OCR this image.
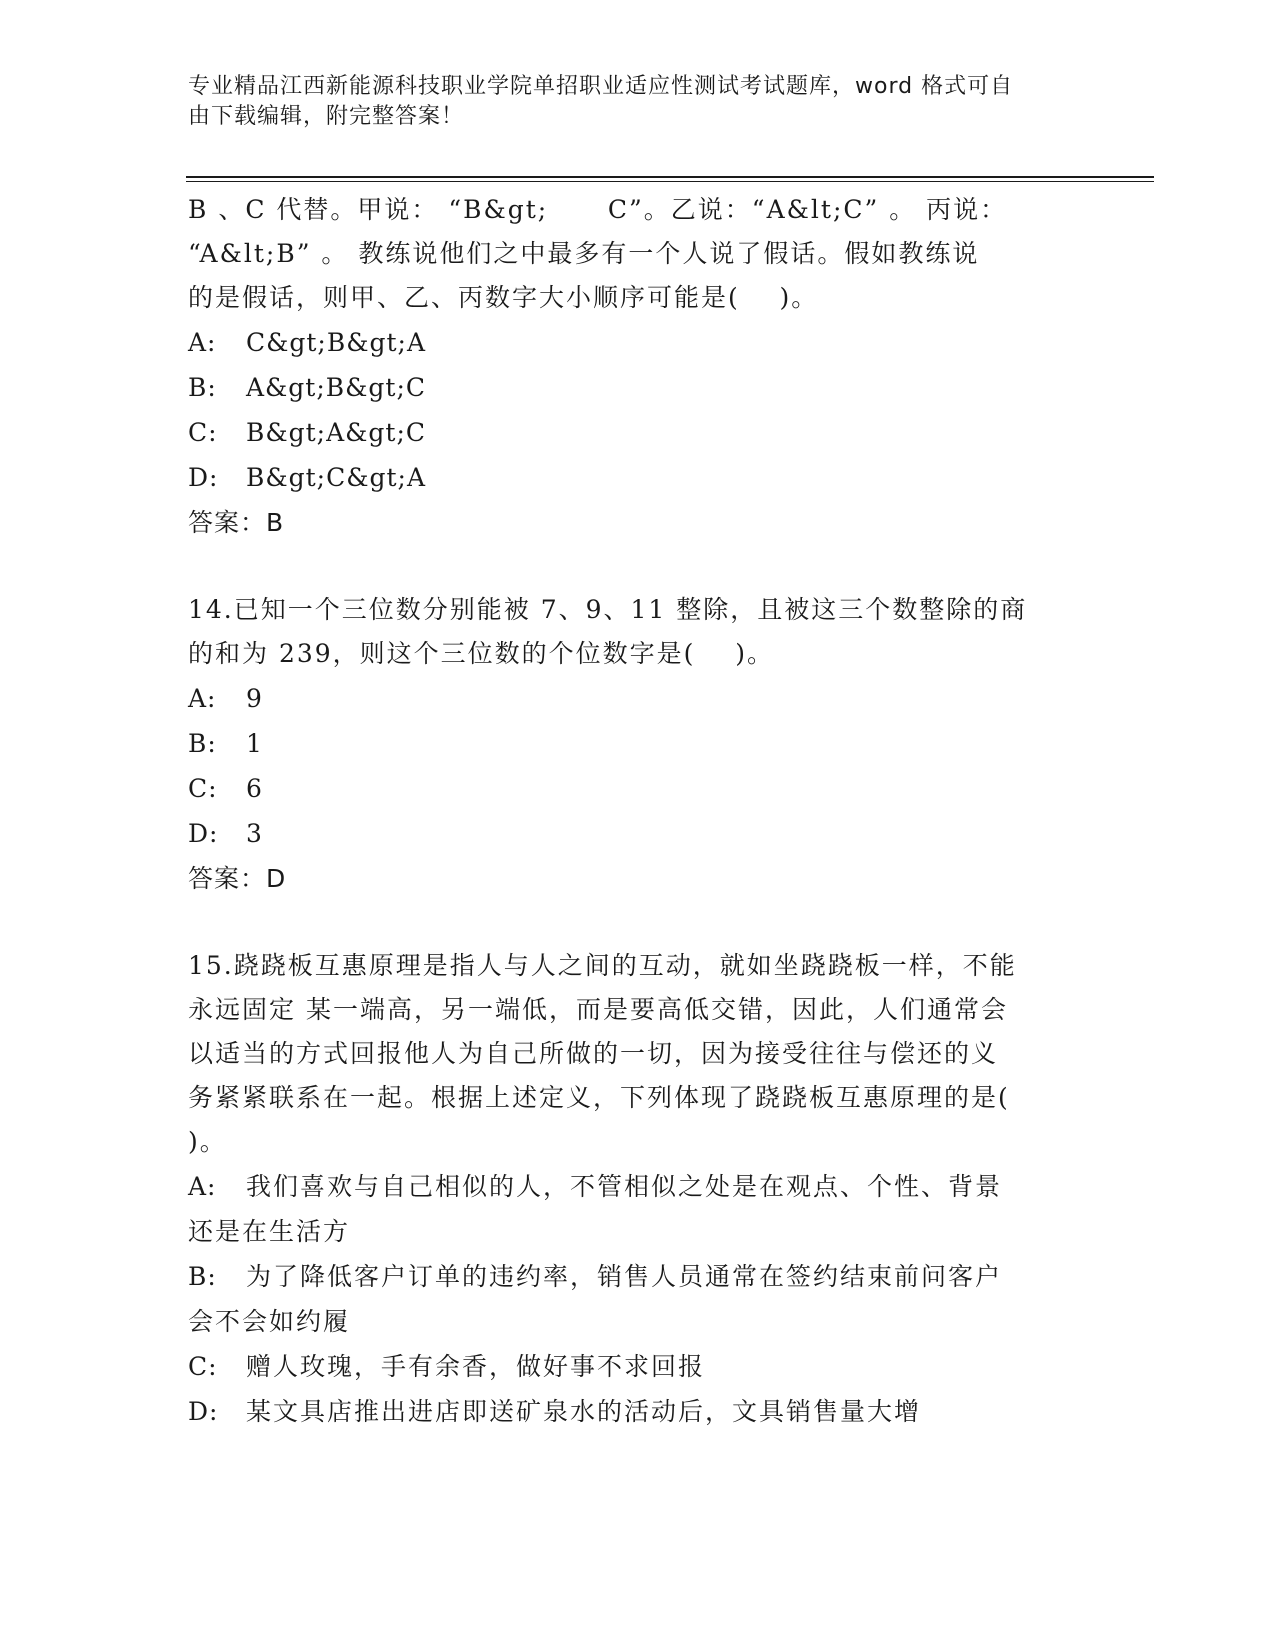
专业精品江西新能源科技职业学院单招职业适应性测试考试题库，word 格式可自
由下载编辑，附完整答案！

B 、C 代替。甲说： “B&gt;      C”。乙说：“A&lt;C” 。 丙说：

“A&lt;B” 。 教练说他们之中最多有一个人说了假话。假如教练说

的是假话，则甲、乙、丙数字大小顺序可能是(    )。

A: C&gt;B&gt;A

B: A&gt;B&gt;C

C: B&gt;A&gt;C

D: B&gt;C&gt;A

答案：B

14.已知一个三位数分别能被 7、9、11 整除，且被这三个数整除的商

的和为 239，则这个三位数的个位数字是(    )。

A: 9

B: 1

C: 6

D: 3

答案：D

15.跷跷板互惠原理是指人与人之间的互动，就如坐跷跷板一样，不能

永远固定 某一端高，另一端低，而是要高低交错，因此，人们通常会

以适当的方式回报他人为自己所做的一切，因为接受往往与偿还的义

务紧紧联系在一起。根据上述定义，下列体现了跷跷板互惠原理的是(

)。

A: 我们喜欢与自己相似的人，不管相似之处是在观点、个性、背景

还是在生活方

B: 为了降低客户订单的违约率，销售人员通常在签约结束前问客户

会不会如约履

C: 赠人玫瑰，手有余香，做好事不求回报

D: 某文具店推出进店即送矿泉水的活动后，文具销售量大增
